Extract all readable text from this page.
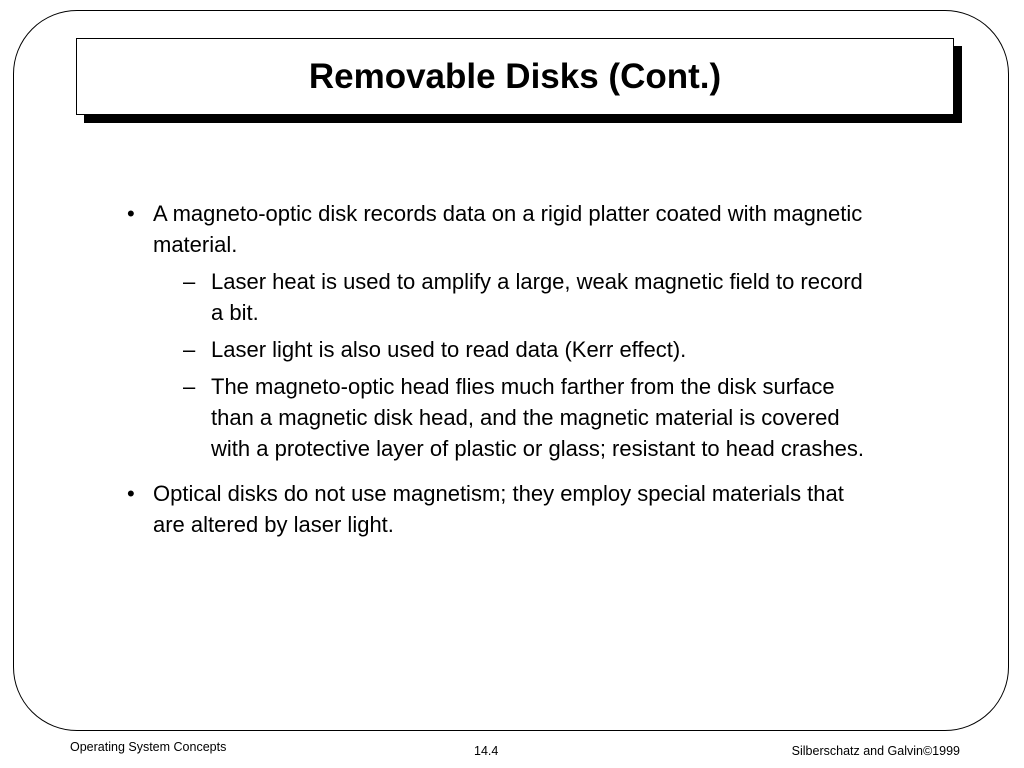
Removable Disks (Cont.)
• A magneto-optic disk records data on a rigid platter coated with magnetic material.
– Laser heat is used to amplify a large, weak magnetic field to record a bit.
– Laser light is also used to read data (Kerr effect).
– The magneto-optic head flies much farther from the disk surface than a magnetic disk head, and the magnetic material is covered with a protective layer of plastic or glass; resistant to head crashes.
• Optical disks do not use magnetism; they employ special materials that are altered by laser light.
Operating System Concepts	14.4	Silberschatz and Galvin©1999
